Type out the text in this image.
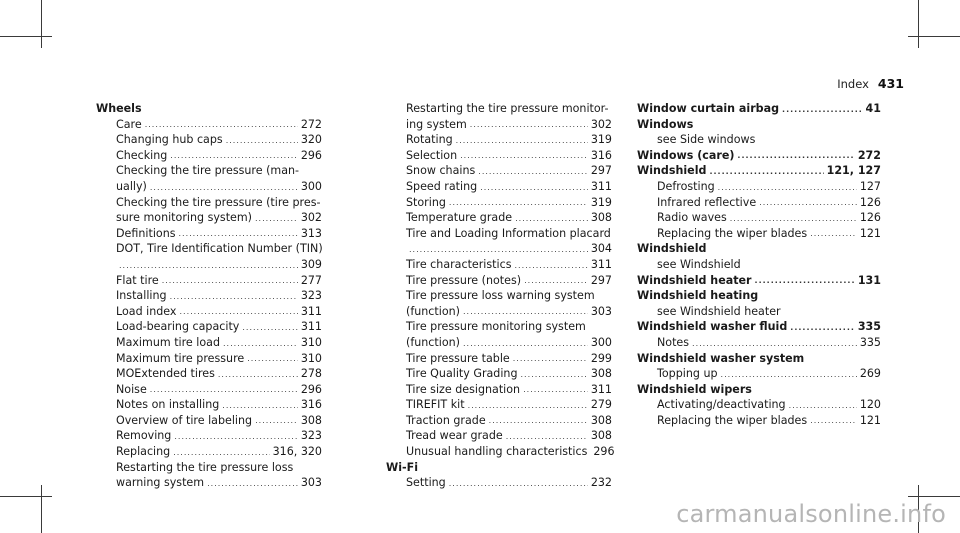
Index 431
Wheels
Care .....	272
Changing hub caps .....	320
Checking .....	296
Checking the tire pressure (man-
ually) .....	300
Checking the tire pressure (tire pres-
sure monitoring system) .....	302
Definitions .....	313
DOT, Tire Identification Number (TIN)
.....
309
Flat tire .....	277
Installing .....	323
Load index .....	311
Load-bearing capacity .....	311
Maximum tire load .....	310
Maximum tire pressure .....	310
MOExtended tires .....	278
Noise .....	296
Notes on installing .....	316
Overview of tire labeling .....	308
Removing .....	323
Replacing .....	316, 320
Restarting the tire pressure loss
warning system .....	303
Restarting the tire pressure monitor-
ing system .....	302
Rotating .....	319
Selection .....	316
Snow chains .....	297
Speed rating .....	311
Storing .....	319
Temperature grade .....	308
Tire and Loading Information placard
.....
304
Tire characteristics .....	311
Tire pressure (notes) .....	297
Tire pressure loss warning system
(function) .....	303
Tire pressure monitoring system
(function) .....	300
Tire pressure table .....	299
Tire Quality Grading .....	308
Tire size designation .....	311
TIREFIT kit .....	279
Traction grade .....	308
Tread wear grade .....	308
Unusual handling characteristics 296
Wi-Fi
Setting .....	232
Window curtain airbag .....	41
Windows
see Side windows
Windows (care) .....	272
Windshield .....	121, 127
Defrosting .....	127
Infrared reflective .....	126
Radio waves .....	126
Replacing the wiper blades .....	121
Windshield
see Windshield
Windshield heater .....	131
Windshield heating
see Windshield heater
Windshield washer fluid .....	335
Notes .....	335
Windshield washer system
Topping up .....	269
Windshield wipers
Activating/deactivating .....	120
Replacing the wiper blades .....	121
carmanualsonline.info
